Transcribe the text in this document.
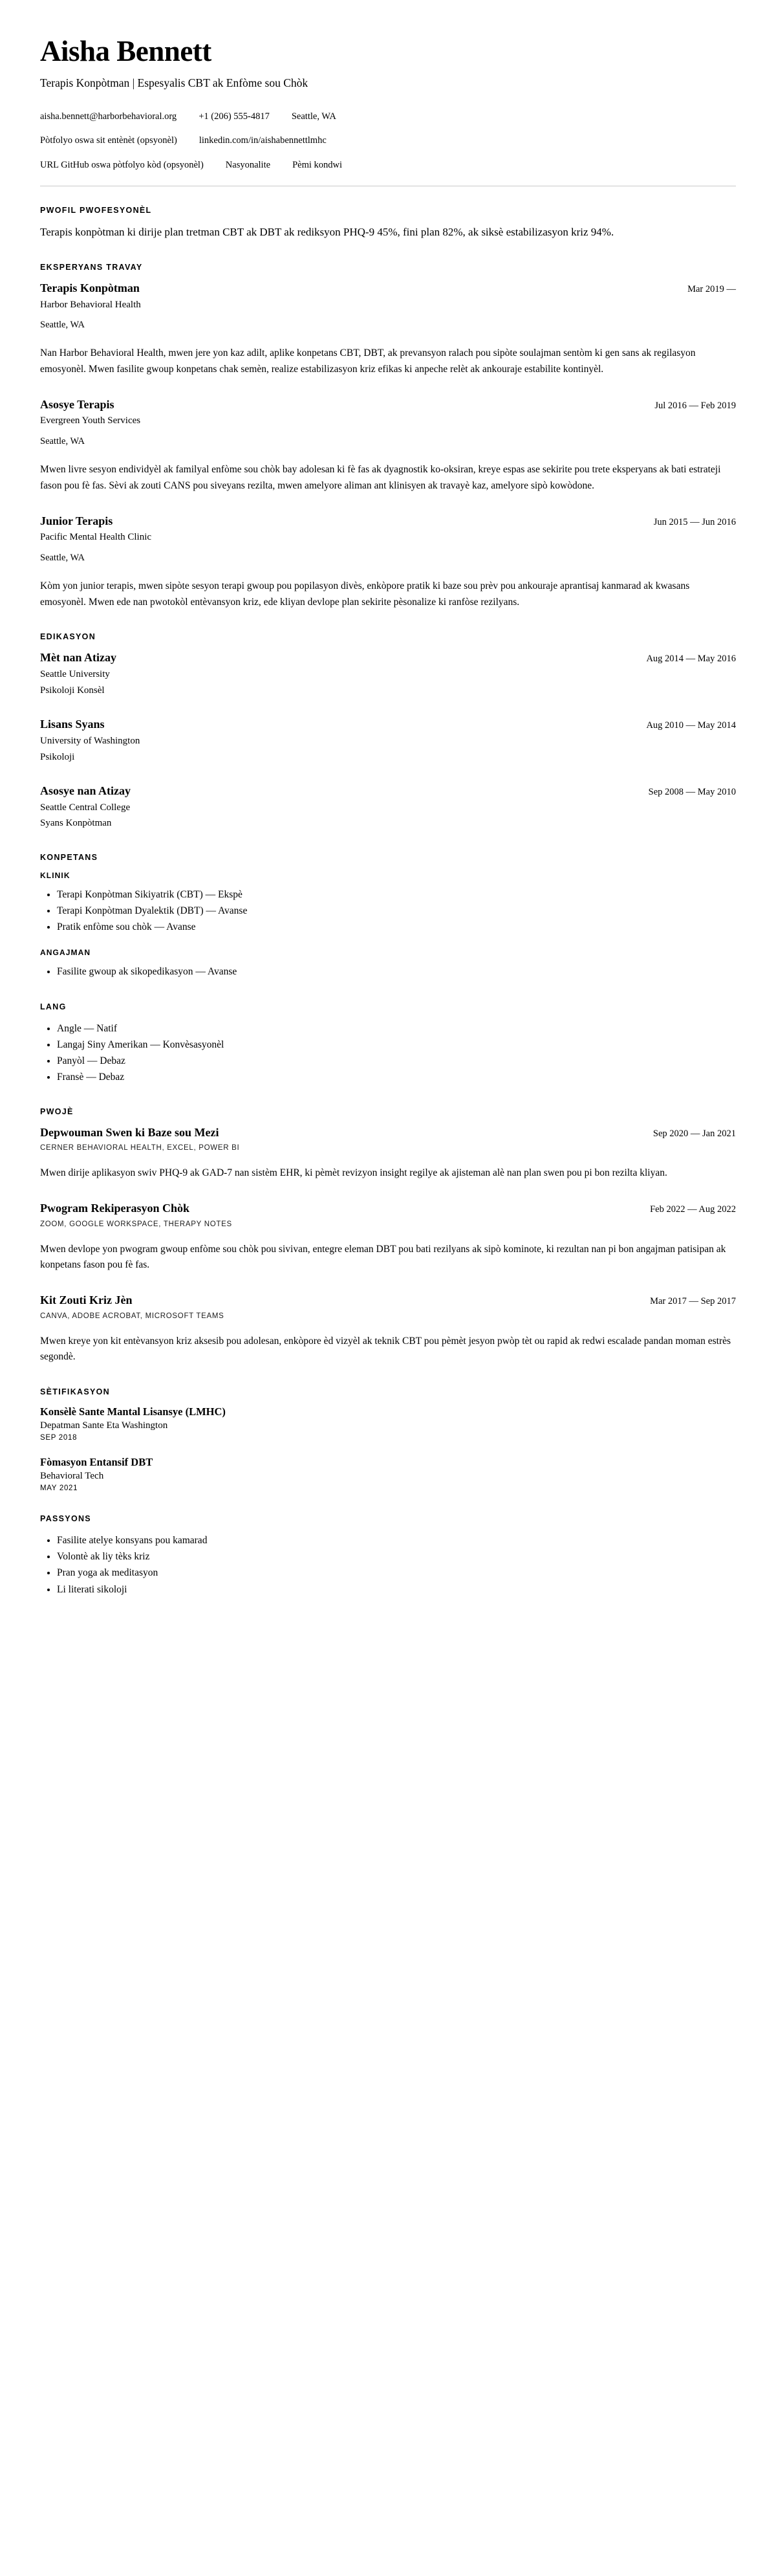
Aisha Bennett
Terapis Konpòtman | Espesyalis CBT ak Enfòme sou Chòk
aisha.bennett@harborbehavioral.org +1 (206) 555-4817 Seattle, WA
Pòtfolyo oswa sit entènèt (opsyonèl) linkedin.com/in/aishabennettlmhc
URL GitHub oswa pòtfolyo kòd (opsyonèl) Nasyonalite Pèmi kondwi
PWOFIL PWOFESYONÈL

Terapis konpòtman ki dirije plan tretman CBT ak DBT ak rediksyon PHQ-9 45%, fini plan 82%, ak siksè estabilizasyon kriz 94%.

EKSPERYANS TRAVAY
Terapis Konpòtman	Mar 2019 —
Harbor Behavioral Health
Seattle, WA
Nan Harbor Behavioral Health, mwen jere yon kaz adilt, aplike konpetans CBT, DBT, ak prevansyon ralach pou sipòte soulajman sentòm ki gen sans ak regilasyon emosyonèl. Mwen fasilite gwoup konpetans chak semèn, realize estabilizasyon kriz efikas ki anpeche relèt ak ankouraje estabilite kontinyèl.
Asosye Terapis	Jul 2016 — Feb 2019
Evergreen Youth Services
Seattle, WA
Mwen livre sesyon endividyèl ak familyal enfòme sou chòk bay adolesan ki fè fas ak dyagnostik ko-oksiran, kreye espas ase sekirite pou trete eksperyans ak bati estrateji fason pou fè fas. Sèvi ak zouti CANS pou siveyans rezilta, mwen amelyore aliman ant klinisyen ak travayè kaz, amelyore sipò kowòdone.
Junior Terapis	Jun 2015 — Jun 2016
Pacific Mental Health Clinic
Seattle, WA
Kòm yon junior terapis, mwen sipòte sesyon terapi gwoup pou popilasyon divès, enkòpore pratik ki baze sou prèv pou ankouraje aprantisaj kanmarad ak kwasans emosyonèl. Mwen ede nan pwotokòl entèvansyon kriz, ede kliyan devlope plan sekirite pèsonalize ki ranfòse rezilyans.
EDIKASYON
Mèt nan Atizay	Aug 2014 — May 2016
Seattle University
Psikoloji Konsèl
Lisans Syans	Aug 2010 — May 2014
University of Washington
Psikoloji
Asosye nan Atizay	Sep 2008 — May 2010
Seattle Central College
Syans Konpòtman
KONPETANS
KLINIK
• Terapi Konpòtman Sikiyatrik (CBT) — Ekspè
• Terapi Konpòtman Dyalektik (DBT) — Avanse
• Pratik enfòme sou chòk — Avanse
ANGAJMAN
• Fasilite gwoup ak sikopedikasyon — Avanse
LANG
• Angle — Natif
• Langaj Siny Amerikan — Konvèsasyonèl
• Panyòl — Debaz
• Fransè — Debaz
PWOJÈ
Depwouman Swen ki Baze sou Mezi	Sep 2020 — Jan 2021
CERNER BEHAVIORAL HEALTH, EXCEL, POWER BI
Mwen dirije aplikasyon swiv PHQ-9 ak GAD-7 nan sistèm EHR, ki pèmèt revizyon insight regilye ak ajisteman alè nan plan swen pou pi bon rezilta kliyan.
Pwogram Rekiperasyon Chòk	Feb 2022 — Aug 2022
ZOOM, GOOGLE WORKSPACE, THERAPY NOTES
Mwen devlope yon pwogram gwoup enfòme sou chòk pou sivivan, entegre eleman DBT pou bati rezilyans ak sipò kominote, ki rezultan nan pi bon angajman patisipan ak konpetans fason pou fè fas.
Kit Zouti Kriz Jèn	Mar 2017 — Sep 2017
CANVA, ADOBE ACROBAT, MICROSOFT TEAMS
Mwen kreye yon kit entèvansyon kriz aksesib pou adolesan, enkòpore èd vizyèl ak teknik CBT pou pèmèt jesyon pwòp tèt ou rapid ak redwi escalade pandan moman estrès segondè.
SÈTIFIKASYON
Konsèlè Sante Mantal Lisansye (LMHC)
Depatman Sante Eta Washington
SEP 2018
Fòmasyon Entansif DBT
Behavioral Tech
MAY 2021
PASSYONS
• Fasilite atelye konsyans pou kamarad
• Volontè ak liy tèks kriz
• Pran yoga ak meditasyon
• Li literati sikoloji
